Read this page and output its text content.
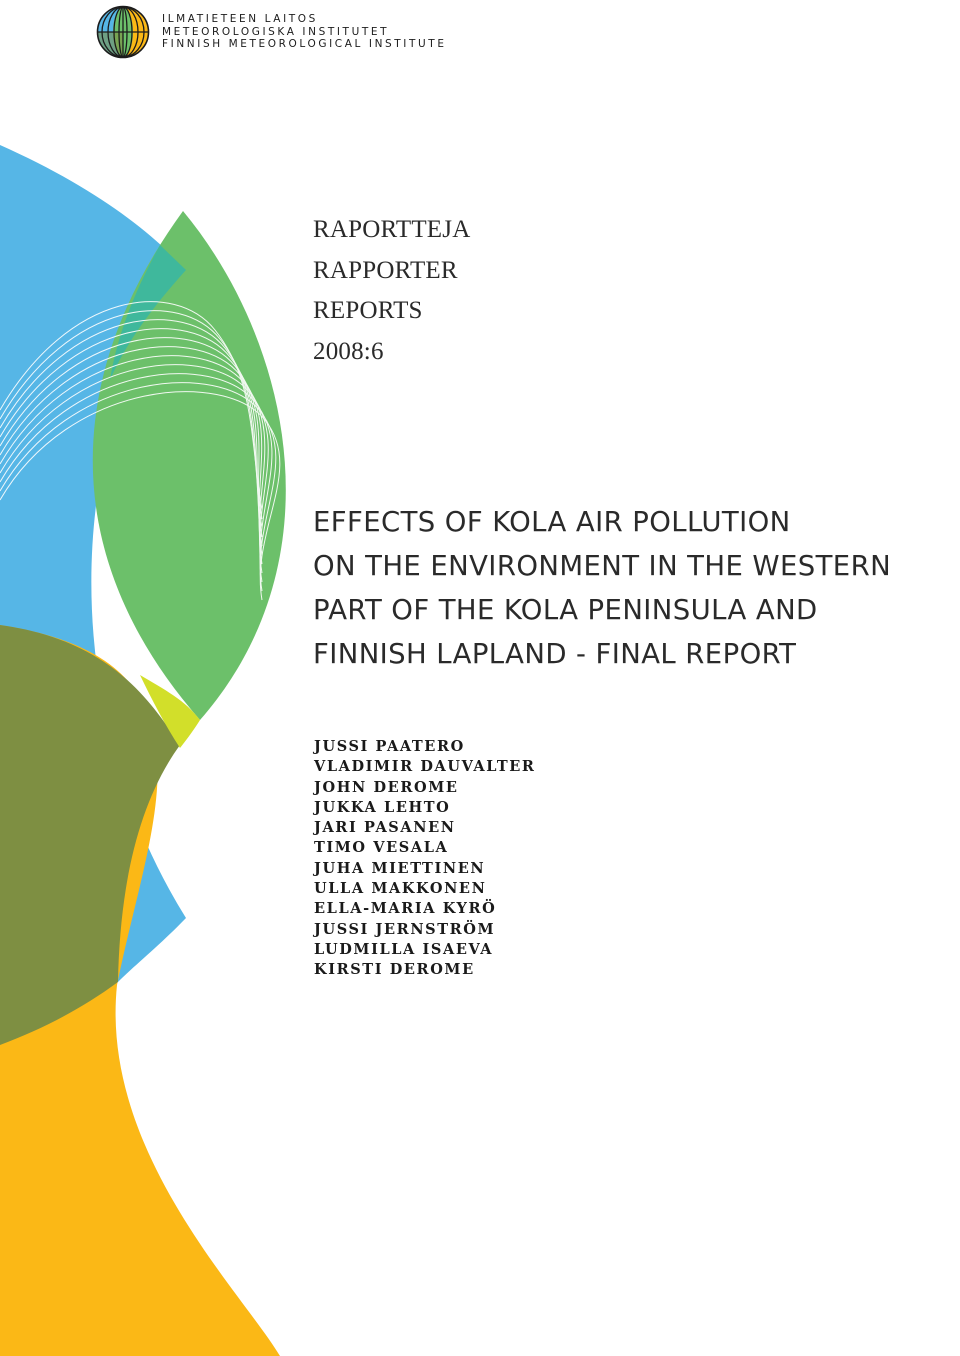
ILMATIETEEN LAITOS
METEOROLOGISKA INSTITUTET
FINNISH METEOROLOGICAL INSTITUTE
RAPORTTEJA
RAPPORTER
REPORTS
2008:6
EFFECTS OF KOLA AIR POLLUTION
ON THE ENVIRONMENT IN THE WESTERN
PART OF THE KOLA PENINSULA AND
FINNISH LAPLAND - FINAL REPORT
JUSSI PAATERO
VLADIMIR DAUVALTER
JOHN DEROME
JUKKA LEHTO
JARI PASANEN
TIMO VESALA
JUHA MIETTINEN
ULLA MAKKONEN
ELLA-MARIA KYRÖ
JUSSI JERNSTRÖM
LUDMILLA ISAEVA
KIRSTI DEROME
